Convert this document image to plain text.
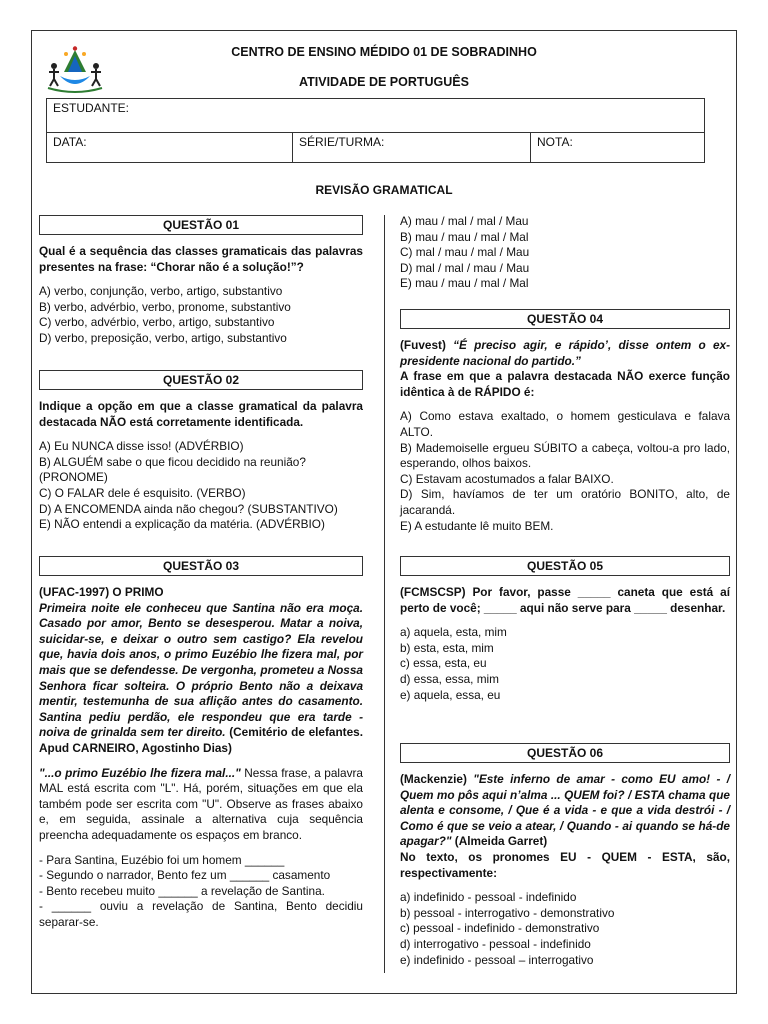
CENTRO DE ENSINO MÉDIDO 01 DE SOBRADINHO
ATIVIDADE DE PORTUGUÊS
ESTUDANTE:
DATA:	SÉRIE/TURMA:	NOTA:
REVISÃO GRAMATICAL
QUESTÃO 01

Qual é a sequência das classes gramaticais das palavras presentes na frase: “Chorar não é a solução!”?

A) verbo, conjunção, verbo, artigo, substantivo

B) verbo, advérbio, verbo, pronome, substantivo

C) verbo, advérbio, verbo, artigo, substantivo

D) verbo, preposição, verbo, artigo, substantivo

QUESTÃO 02

Indique a opção em que a classe gramatical da palavra destacada NÃO está corretamente identificada.

A) Eu NUNCA disse isso! (ADVÉRBIO)

B) ALGUÉM sabe o que ficou decidido na reunião? (PRONOME)

C) O FALAR dele é esquisito. (VERBO)

D) A ENCOMENDA ainda não chegou? (SUBSTANTIVO)

E) NÃO entendi a explicação da matéria. (ADVÉRBIO)

QUESTÃO 03

(UFAC-1997) O PRIMO

Primeira noite ele conheceu que Santina não era moça. Casado por amor, Bento se desesperou. Matar a noiva, suicidar-se, e deixar o outro sem castigo? Ela revelou que, havia dois anos, o primo Euzébio lhe fizera mal, por mais que se defendesse. De vergonha, prometeu a Nossa Senhora ficar solteira. O próprio Bento não a deixava mentir, testemunha de sua aflição antes do casamento. Santina pediu perdão, ele respondeu que era tarde - noiva de grinalda sem ter direito. (Cemitério de elefantes. Apud CARNEIRO, Agostinho Dias)

"...o primo Euzébio lhe fizera mal..." Nessa frase, a palavra MAL está escrita com "L". Há, porém, situações em que ela também pode ser escrita com "U". Observe as frases abaixo e, em seguida, assinale a alternativa cuja sequência preencha adequadamente os espaços em branco.

- Para Santina, Euzébio foi um homem ______

- Segundo o narrador, Bento fez um ______ casamento

- Bento recebeu muito ______ a revelação de Santina.

- ______ ouviu a revelação de Santina, Bento decidiu separar-se.

A) mau / mal / mal / Mau

B) mau / mau / mal / Mal

C) mal / mau / mal / Mau

D) mal / mal / mau / Mau

E) mau / mau / mal / Mal

QUESTÃO 04

(Fuvest) “É preciso agir, e rápido’, disse ontem o ex-presidente nacional do partido.”

A frase em que a palavra destacada NÃO exerce função idêntica à de RÁPIDO é:

A) Como estava exaltado, o homem gesticulava e falava ALTO.

B) Mademoiselle ergueu SÚBITO a cabeça, voltou-a pro lado, esperando, olhos baixos.

C) Estavam acostumados a falar BAIXO.

D) Sim, havíamos de ter um oratório BONITO, alto, de jacarandá.

E) A estudante lê muito BEM.

QUESTÃO 05

(FCMSCSP) Por favor, passe _____ caneta que está aí perto de você; _____ aqui não serve para _____ desenhar.

a) aquela, esta, mim

b) esta, esta, mim

c) essa, esta, eu

d) essa, essa, mim

e) aquela, essa, eu

QUESTÃO 06

(Mackenzie) "Este inferno de amar - como EU amo! - / Quem mo pôs aqui n’alma ... QUEM foi? / ESTA chama que alenta e consome, / Que é a vida - e que a vida destrói - / Como é que se veio a atear, / Quando - ai quando se há-de apagar?" (Almeida Garret)

No texto, os pronomes EU - QUEM - ESTA, são, respectivamente:

a) indefinido - pessoal - indefinido

b) pessoal - interrogativo - demonstrativo

c) pessoal - indefinido - demonstrativo

d) interrogativo - pessoal - indefinido

e) indefinido - pessoal – interrogativo
